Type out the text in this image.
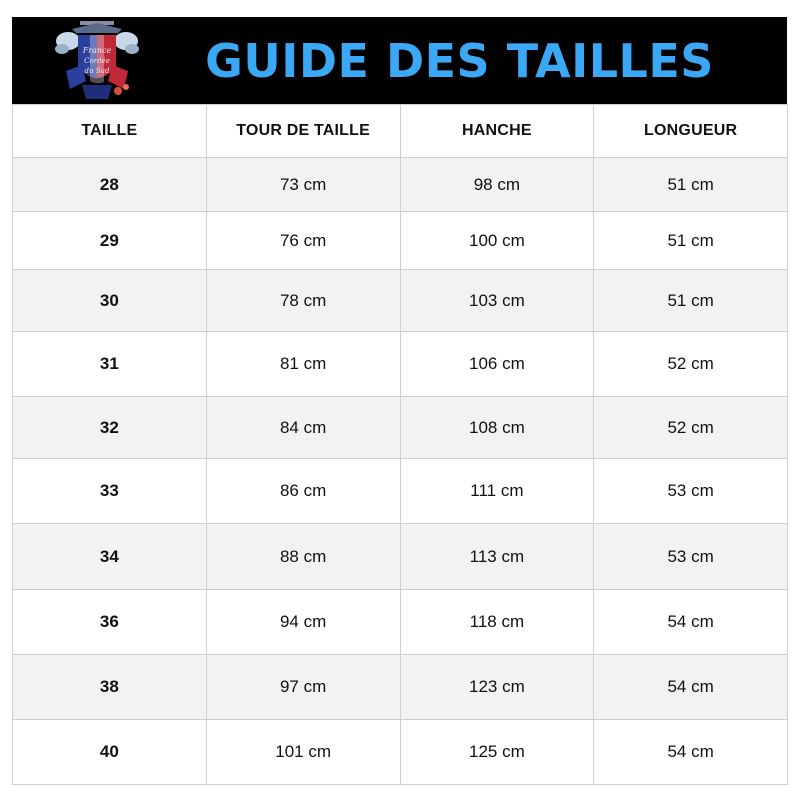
France
Cordée
du Sud	GUIDE DES TAILLES
TAILLE	TOUR DE TAILLE	HANCHE	LONGUEUR
28	73 cm	98 cm	51 cm
29	76 cm	100 cm	51 cm
30	78 cm	103 cm	51 cm
31	81 cm	106 cm	52 cm
32	84 cm	108 cm	52 cm
33	86 cm	111 cm	53 cm
34	88 cm	113 cm	53 cm
36	94 cm	118 cm	54 cm
38	97 cm	123 cm	54 cm
40	101 cm	125 cm	54 cm
